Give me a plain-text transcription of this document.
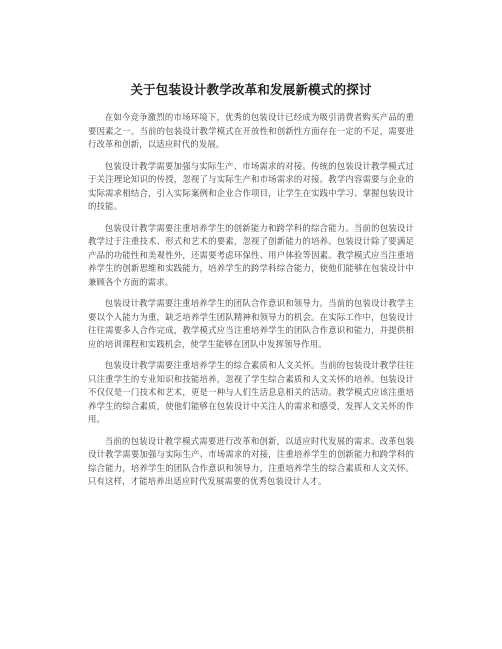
关于包装设计教学改革和发展新模式的探讨

在如今竞争激烈的市场环境下，优秀的包装设计已经成为吸引消费者购买产品的重要因素之一。当前的包装设计教学模式在开放性和创新性方面存在一定的不足，需要进行改革和创新，以适应时代的发展。

包装设计教学需要加强与实际生产、市场需求的对接。传统的包装设计教学模式过于关注理论知识的传授，忽视了与实际生产和市场需求的对接。教学内容需要与企业的实际需求相结合，引入实际案例和企业合作项目，让学生在实践中学习、掌握包装设计的技能。

包装设计教学需要注重培养学生的创新能力和跨学科的综合能力。当前的包装设计教学过于注重技术、形式和艺术的要素，忽视了创新能力的培养。包装设计除了要满足产品的功能性和美观性外，还需要考虑环保性、用户体验等因素。教学模式应当注重培养学生的创新思维和实践能力，培养学生的跨学科综合能力，使他们能够在包装设计中兼顾各个方面的需求。

包装设计教学需要注重培养学生的团队合作意识和领导力。当前的包装设计教学主要以个人能力为重，缺乏培养学生团队精神和领导力的机会。在实际工作中，包装设计往往需要多人合作完成，教学模式应当注重培养学生的团队合作意识和能力，并提供相应的培训课程和实践机会，使学生能够在团队中发挥领导作用。

包装设计教学需要注重培养学生的综合素质和人文关怀。当前的包装设计教学往往只注重学生的专业知识和技能培养，忽视了学生综合素质和人文关怀的培养。包装设计不仅仅是一门技术和艺术，更是一种与人们生活息息相关的活动。教学模式应该注重培养学生的综合素质，使他们能够在包装设计中关注人的需求和感受，发挥人文关怀的作用。

当前的包装设计教学模式需要进行改革和创新，以适应时代发展的需求。改革包装设计教学需要加强与实际生产、市场需求的对接，注重培养学生的创新能力和跨学科的综合能力，培养学生的团队合作意识和领导力，注重培养学生的综合素质和人文关怀。只有这样，才能培养出适应时代发展需要的优秀包装设计人才。
